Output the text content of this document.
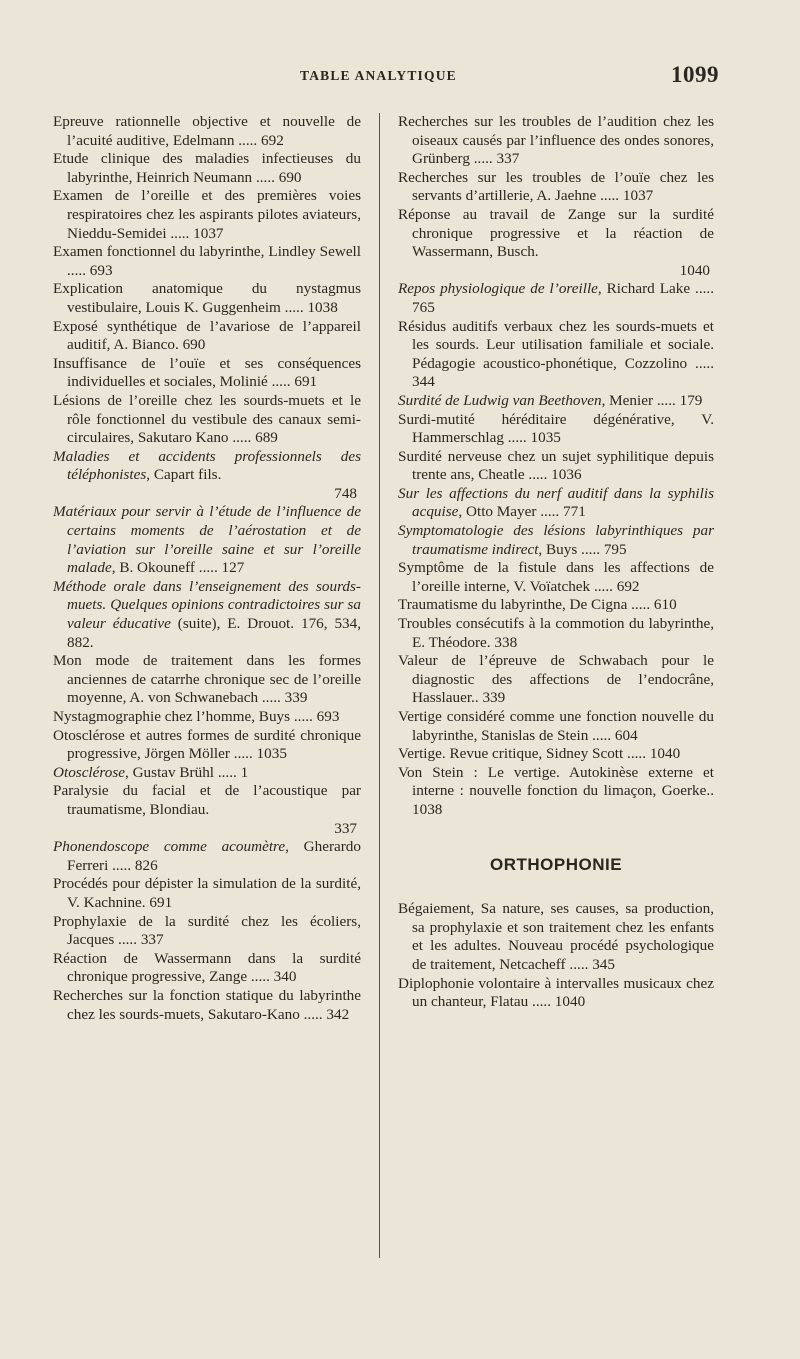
TABLE ANALYTIQUE	1099
Epreuve rationnelle objective et nouvelle de l’acuité auditive, Edelmann ..... 692
Etude clinique des maladies infectieuses du labyrinthe, Heinrich Neumann ..... 690
Examen de l’oreille et des premières voies respiratoires chez les aspirants pilotes aviateurs, Nieddu-Semidei ..... 1037
Examen fonctionnel du labyrinthe, Lindley Sewell ..... 693
Explication anatomique du nystagmus vestibulaire, Louis K. Guggenheim ..... 1038
Exposé synthétique de l’avariose de l’appareil auditif, A. Bianco. 690
Insuffisance de l’ouïe et ses conséquences individuelles et sociales, Molinié ..... 691
Lésions de l’oreille chez les sourds-muets et le rôle fonctionnel du vestibule des canaux semi-circulaires, Sakutaro Kano ..... 689
Maladies et accidents professionnels des téléphonistes, Capart fils.
748
Matériaux pour servir à l’étude de l’influence de certains moments de l’aérostation et de l’aviation sur l’oreille saine et sur l’oreille malade, B. Okouneff ..... 127
Méthode orale dans l’enseignement des sourds-muets. Quelques opinions contradictoires sur sa valeur éducative (suite), E. Drouot. 176, 534, 882.
Mon mode de traitement dans les formes anciennes de catarrhe chronique sec de l’oreille moyenne, A. von Schwanebach ..... 339
Nystagmographie chez l’homme, Buys ..... 693
Otosclérose et autres formes de surdité chronique progressive, Jörgen Möller ..... 1035
Otosclérose, Gustav Brühl ..... 1
Paralysie du facial et de l’acoustique par traumatisme, Blondiau.
337
Phonendoscope comme acoumètre, Gherardo Ferreri ..... 826
Procédés pour dépister la simulation de la surdité, V. Kachnine. 691
Prophylaxie de la surdité chez les écoliers, Jacques ..... 337
Réaction de Wassermann dans la surdité chronique progressive, Zange ..... 340
Recherches sur la fonction statique du labyrinthe chez les sourds-muets, Sakutaro-Kano ..... 342
Recherches sur les troubles de l’audition chez les oiseaux causés par l’influence des ondes sonores, Grünberg ..... 337
Recherches sur les troubles de l’ouïe chez les servants d’artillerie, A. Jaehne ..... 1037
Réponse au travail de Zange sur la surdité chronique progressive et la réaction de Wassermann, Busch.
1040
Repos physiologique de l’oreille, Richard Lake ..... 765
Résidus auditifs verbaux chez les sourds-muets et les sourds. Leur utilisation familiale et sociale. Pédagogie acoustico-phonétique, Cozzolino ..... 344
Surdité de Ludwig van Beethoven, Menier ..... 179
Surdi-mutité héréditaire dégénérative, V. Hammerschlag ..... 1035
Surdité nerveuse chez un sujet syphilitique depuis trente ans, Cheatle ..... 1036
Sur les affections du nerf auditif dans la syphilis acquise, Otto Mayer ..... 771
Symptomatologie des lésions labyrinthiques par traumatisme indirect, Buys ..... 795
Symptôme de la fistule dans les affections de l’oreille interne, V. Voïatchek ..... 692
Traumatisme du labyrinthe, De Cigna ..... 610
Troubles consécutifs à la commotion du labyrinthe, E. Théodore. 338
Valeur de l’épreuve de Schwabach pour le diagnostic des affections de l’endocrâne, Hasslauer.. 339
Vertige considéré comme une fonction nouvelle du labyrinthe, Stanislas de Stein ..... 604
Vertige. Revue critique, Sidney Scott ..... 1040
Von Stein : Le vertige. Autokinèse externe et interne : nouvelle fonction du limaçon, Goerke.. 1038
ORTHOPHONIE
Bégaiement, Sa nature, ses causes, sa production, sa prophylaxie et son traitement chez les enfants et les adultes. Nouveau procédé psychologique de traitement, Netcacheff ..... 345
Diplophonie volontaire à intervalles musicaux chez un chanteur, Flatau ..... 1040
